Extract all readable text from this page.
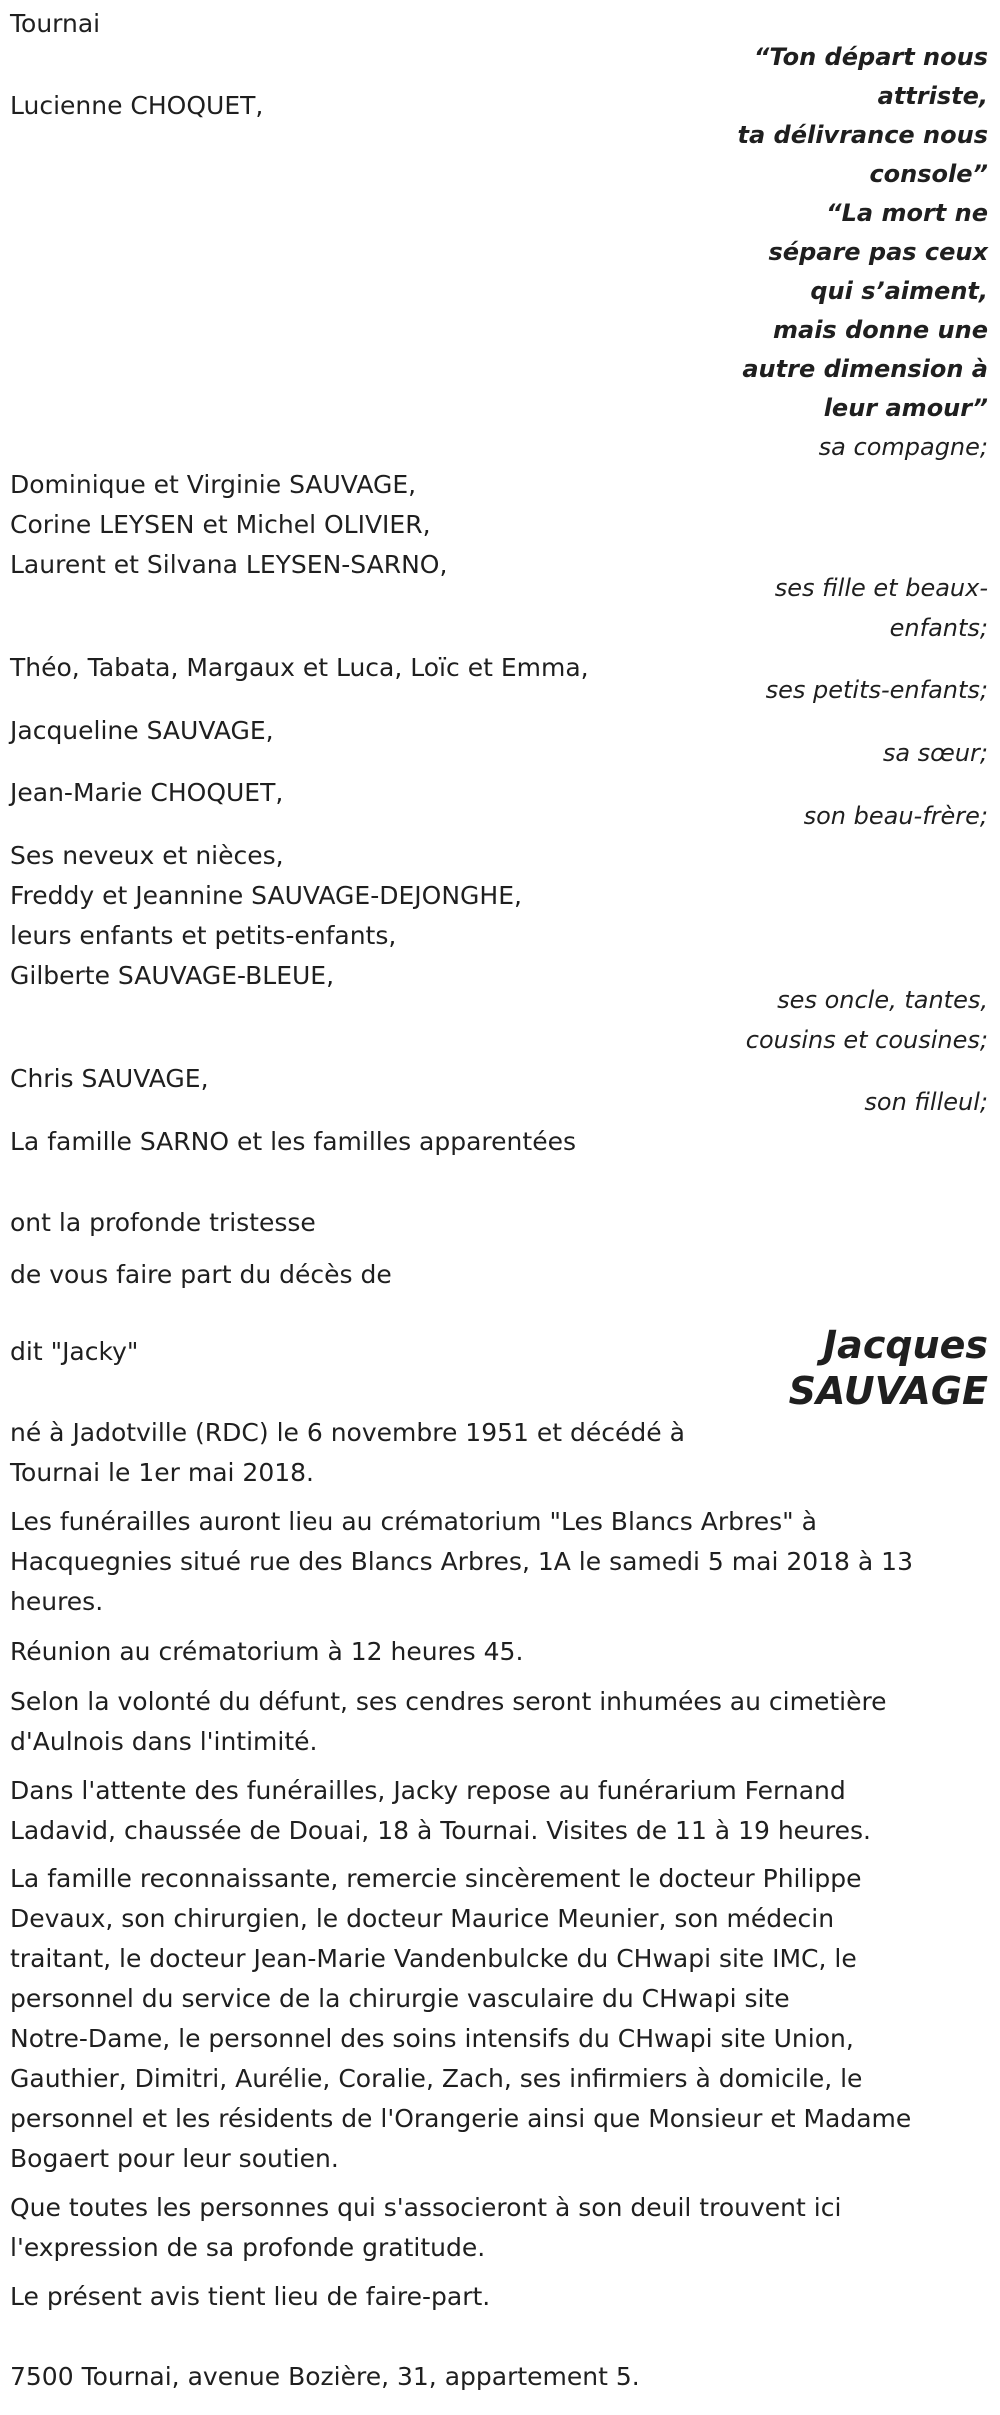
Tournai

Lucienne CHOQUET,

“Ton départ nous
attriste,
ta délivrance nous
console”
“La mort ne
sépare pas ceux
qui s’aiment,
mais donne une
autre dimension à
leur amour”

sa compagne;

Dominique et Virginie SAUVAGE,
Corine LEYSEN et Michel OLIVIER,
Laurent et Silvana LEYSEN-SARNO,
ses fille et beaux-
enfants;

Théo, Tabata, Margaux et Luca, Loïc et Emma,

ses petits-enfants;

Jacqueline SAUVAGE,

sa sœur;

Jean-Marie CHOQUET,

son beau-frère;

Ses neveux et nièces,
Freddy et Jeannine SAUVAGE-DEJONGHE,
leurs enfants et petits-enfants,
Gilberte SAUVAGE-BLEUE,
ses oncle, tantes,
cousins et cousines;

Chris SAUVAGE,

son filleul;

La famille SARNO et les familles apparentées

ont la profonde tristesse

de vous faire part du décès de

dit "Jacky"	Jacques
SAUVAGE
né à Jadotville (RDC) le 6 novembre 1951 et décédé à
Tournai le 1er mai 2018.
Les funérailles auront lieu au crématorium "Les Blancs Arbres" à
Hacquegnies situé rue des Blancs Arbres, 1A le samedi 5 mai 2018 à 13
heures.
Réunion au crématorium à 12 heures 45.
Selon la volonté du défunt, ses cendres seront inhumées au cimetière
d'Aulnois dans l'intimité.
Dans l'attente des funérailles, Jacky repose au funérarium Fernand
Ladavid, chaussée de Douai, 18 à Tournai. Visites de 11 à 19 heures.
La famille reconnaissante, remercie sincèrement le docteur Philippe
Devaux, son chirurgien, le docteur Maurice Meunier, son médecin
traitant, le docteur Jean-Marie Vandenbulcke du CHwapi site IMC, le
personnel du service de la chirurgie vasculaire du CHwapi site
Notre-Dame, le personnel des soins intensifs du CHwapi site Union,
Gauthier, Dimitri, Aurélie, Coralie, Zach, ses infirmiers à domicile, le
personnel et les résidents de l'Orangerie ainsi que Monsieur et Madame
Bogaert pour leur soutien.
Que toutes les personnes qui s'associeront à son deuil trouvent ici
l'expression de sa profonde gratitude.
Le présent avis tient lieu de faire-part.

7500 Tournai, avenue Bozière, 31, appartement 5.
